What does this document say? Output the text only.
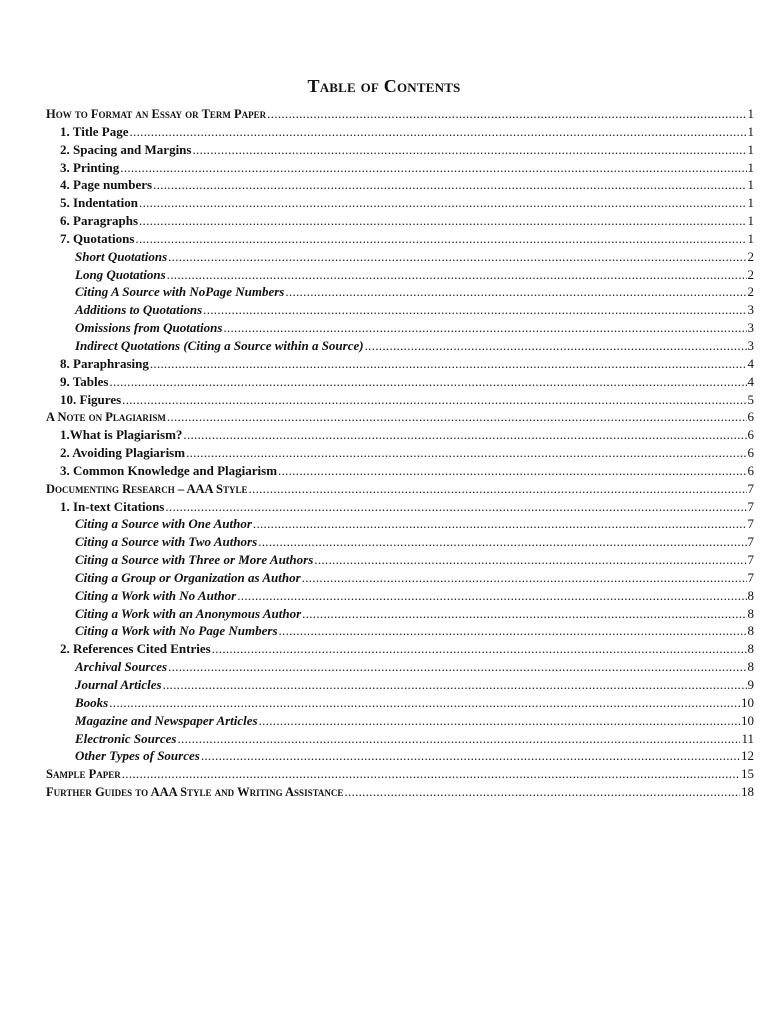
Table of Contents
How to Format an Essay or Term Paper .....	1
1. Title Page .....	1
2. Spacing and Margins .....	1
3. Printing .....	1
4. Page numbers .....	1
5. Indentation .....	1
6. Paragraphs .....	1
7. Quotations .....	1
Short Quotations .....	2
Long Quotations .....	2
Citing A Source with NoPage Numbers .....	2
Additions to Quotations .....	3
Omissions from Quotations .....	3
Indirect Quotations (Citing a Source within a Source) .....	3
8. Paraphrasing .....	4
9. Tables .....	4
10. Figures .....	5
A Note on Plagiarism .....	6
1.What is Plagiarism? .....	6
2. Avoiding Plagiarism .....	6
3. Common Knowledge and Plagiarism .....	6
Documenting Research – AAA Style .....	7
1. In-text Citations .....	7
Citing a Source with One Author .....	7
Citing a Source with Two Authors .....	7
Citing a Source with Three or More Authors .....	7
Citing a Group or Organization as Author .....	7
Citing a Work with No Author .....	8
Citing a Work with an Anonymous Author .....	8
Citing a Work with No Page Numbers .....	8
2. References Cited Entries .....	8
Archival Sources .....	8
Journal Articles .....	9
Books .....	10
Magazine and Newspaper Articles .....	10
Electronic Sources .....	11
Other Types of Sources .....	12
Sample Paper .....	15
Further Guides to AAA Style and Writing Assistance .....	18
